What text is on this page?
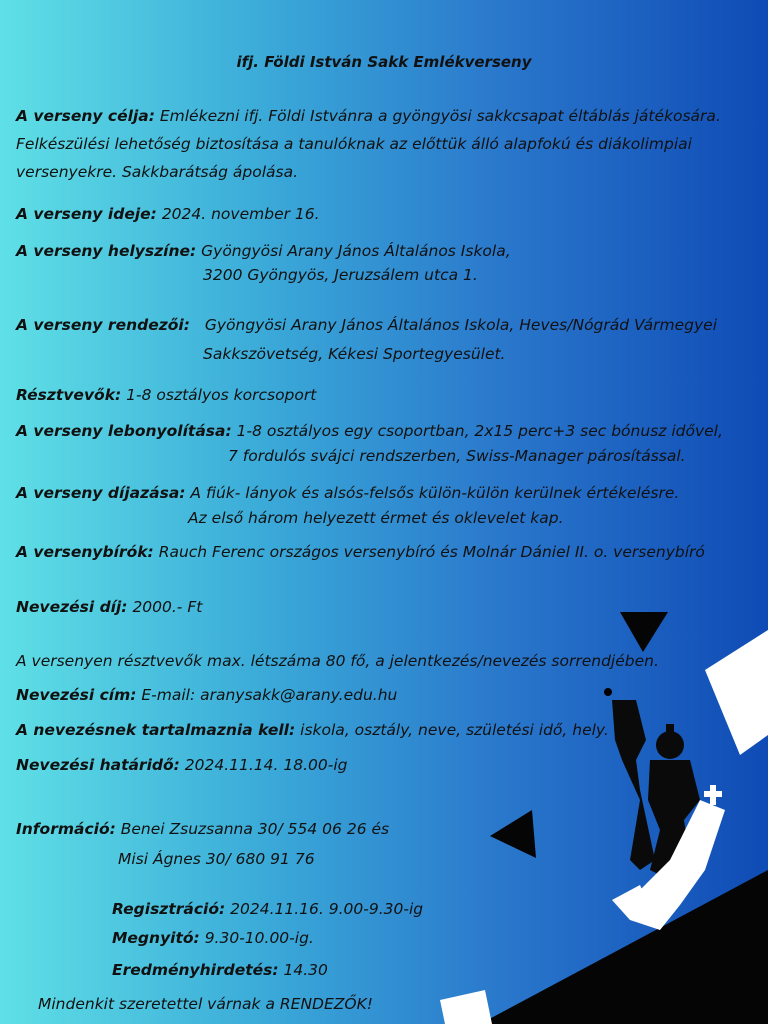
ifj. Földi István Sakk Emlékverseny
A verseny célja: Emlékezni ifj. Földi Istvánra a gyöngyösi sakkcsapat éltáblás játékosára.
Felkészülési lehetőség biztosítása a tanulóknak az előttük álló alapfokú és diákolimpiai
versenyekre. Sakkbarátság ápolása.
A verseny ideje: 2024. november 16.
A verseny helyszíne: Gyöngyösi Arany János Általános Iskola,
3200 Gyöngyös, Jeruzsálem utca 1.
A verseny rendezői: Gyöngyösi Arany János Általános Iskola, Heves/Nógrád Vármegyei
Sakkszövetség, Kékesi Sportegyesület.
Résztvevők: 1-8 osztályos korcsoport
A verseny lebonyolítása: 1-8 osztályos egy csoportban, 2x15 perc+3 sec bónusz idővel,
7 fordulós svájci rendszerben, Swiss-Manager párosítással.
A verseny díjazása: A fiúk- lányok és alsós-felsős külön-külön kerülnek értékelésre.
Az első három helyezett érmet és oklevelet kap.
A versenybírók: Rauch Ferenc országos versenybíró és Molnár Dániel II. o. versenybíró
Nevezési díj: 2000.- Ft
A versenyen résztvevők max. létszáma 80 fő, a jelentkezés/nevezés sorrendjében.
Nevezési cím: E-mail: aranysakk@arany.edu.hu
A nevezésnek tartalmaznia kell: iskola, osztály, neve, születési idő, hely.
Nevezési határidő: 2024.11.14. 18.00-ig
Információ: Benei Zsuzsanna 30/ 554 06 26 és
Misi Ágnes 30/ 680 91 76
Regisztráció: 2024.11.16. 9.00-9.30-ig
Megnyitó: 9.30-10.00-ig.
Eredményhirdetés: 14.30
Mindenkit szeretettel várnak a RENDEZŐK!
